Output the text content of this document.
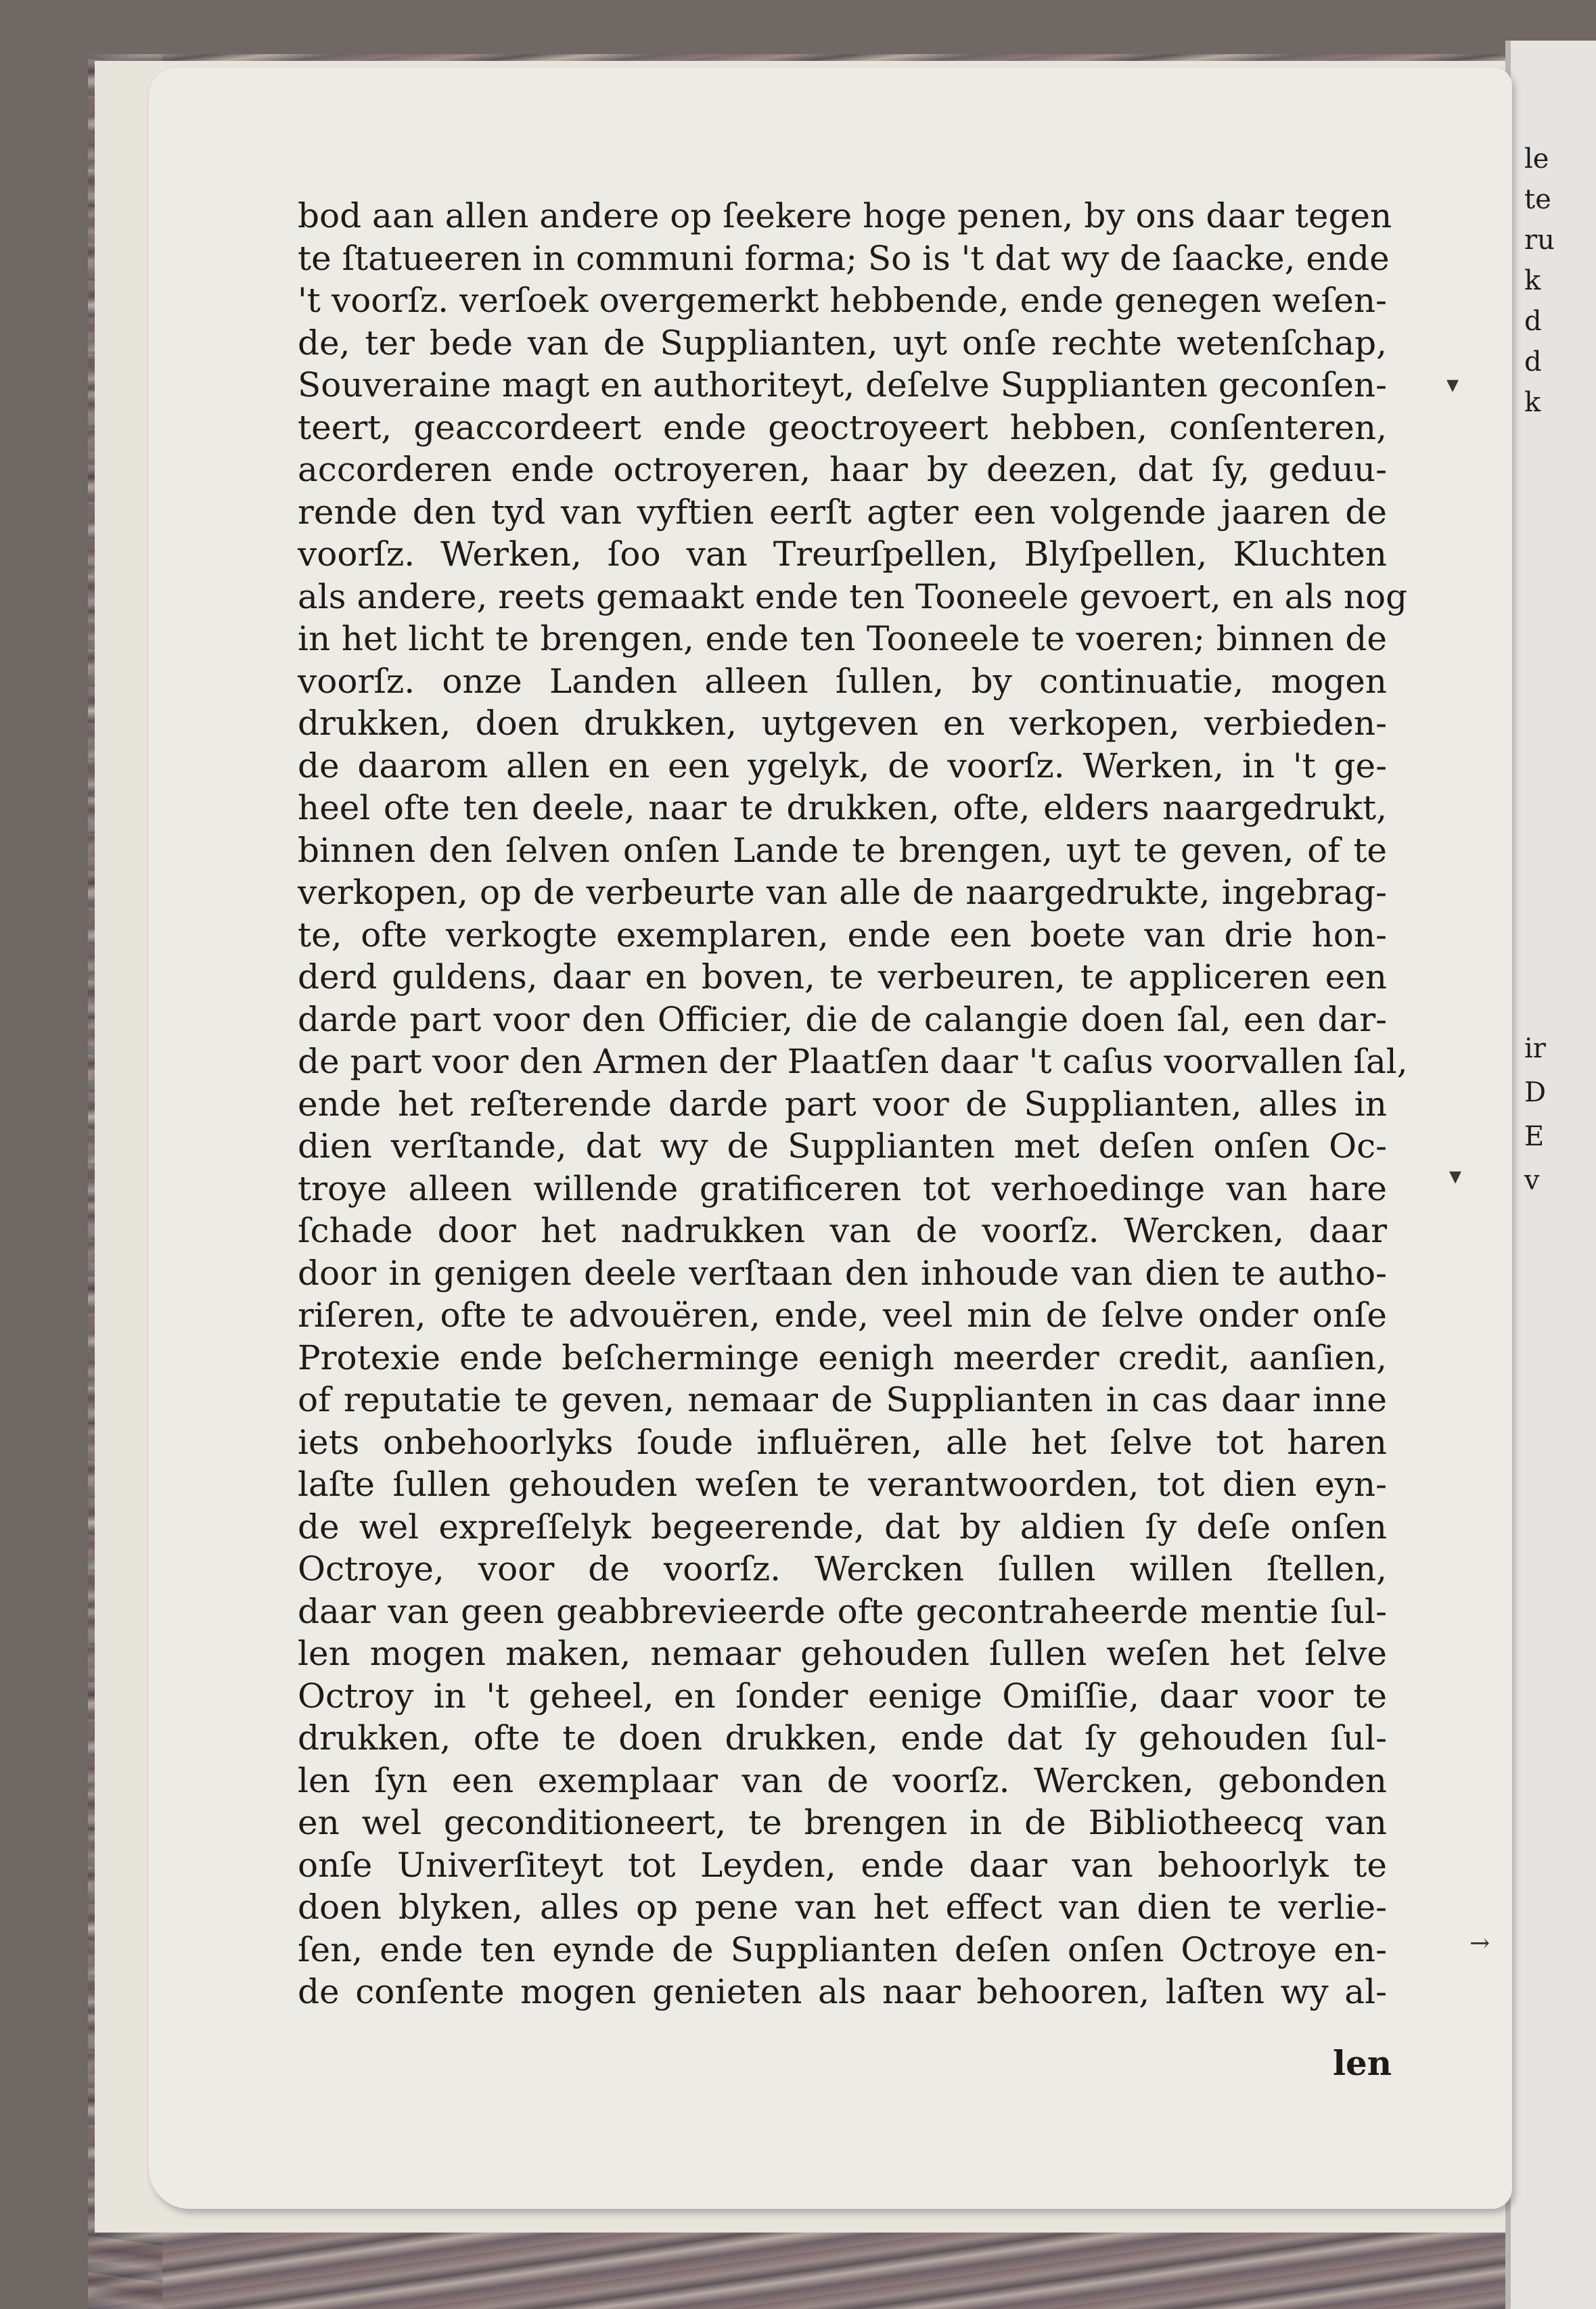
le
te
ru
k
d
d
k
ir
D
E
v
bod aan allen andere op ſeekere hoge penen, by ons daar tegen
te ſtatueeren in communi forma; So is 't dat wy de ſaacke, ende
't voorſz. verſoek overgemerkt hebbende, ende genegen weſen-
de, ter bede van de Supplianten, uyt onſe rechte wetenſchap,
Souveraine magt en authoriteyt, deſelve Supplianten geconſen-
teert, geaccordeert ende geoctroyeert hebben, conſenteren,
accorderen ende octroyeren, haar by deezen, dat ſy, geduu-
rende den tyd van vyftien eerſt agter een volgende jaaren de
voorſz. Werken, ſoo van Treurſpellen, Blyſpellen, Kluchten
als andere, reets gemaakt ende ten Tooneele gevoert, en als nog
in het licht te brengen, ende ten Tooneele te voeren; binnen de
voorſz. onze Landen alleen ſullen, by continuatie, mogen
drukken, doen drukken, uytgeven en verkopen, verbieden-
de daarom allen en een ygelyk, de voorſz. Werken, in 't ge-
heel ofte ten deele, naar te drukken, ofte, elders naargedrukt,
binnen den ſelven onſen Lande te brengen, uyt te geven, of te
verkopen, op de verbeurte van alle de naargedrukte, ingebrag-
te, ofte verkogte exemplaren, ende een boete van drie hon-
derd guldens, daar en boven, te verbeuren, te appliceren een
darde part voor den Officier, die de calangie doen ſal, een dar-
de part voor den Armen der Plaatſen daar 't caſus voorvallen ſal,
ende het reſterende darde part voor de Supplianten, alles in
dien verſtande, dat wy de Supplianten met deſen onſen Oc-
troye alleen willende gratificeren tot verhoedinge van hare
ſchade door het nadrukken van de voorſz. Wercken, daar
door in genigen deele verſtaan den inhoude van dien te autho-
riſeren, ofte te advouëren, ende, veel min de ſelve onder onſe
Protexie ende beſcherminge eenigh meerder credit, aanſien,
of reputatie te geven, nemaar de Supplianten in cas daar inne
iets onbehoorlyks ſoude influëren, alle het ſelve tot haren
laſte ſullen gehouden weſen te verantwoorden, tot dien eyn-
de wel expreſſelyk begeerende, dat by aldien ſy deſe onſen
Octroye, voor de voorſz. Wercken ſullen willen ſtellen,
daar van geen geabbrevieerde ofte gecontraheerde mentie ſul-
len mogen maken, nemaar gehouden ſullen weſen het ſelve
Octroy in 't geheel, en ſonder eenige Omiſſie, daar voor te
drukken, ofte te doen drukken, ende dat ſy gehouden ſul-
len ſyn een exemplaar van de voorſz. Wercken, gebonden
en wel geconditioneert, te brengen in de Bibliotheecq van
onſe Univerſiteyt tot Leyden, ende daar van behoorlyk te
doen blyken, alles op pene van het effect van dien te verlie-
ſen, ende ten eynde de Supplianten deſen onſen Octroye en-
de conſente mogen genieten als naar behooren, laſten wy al-
len
▾
▾
→
